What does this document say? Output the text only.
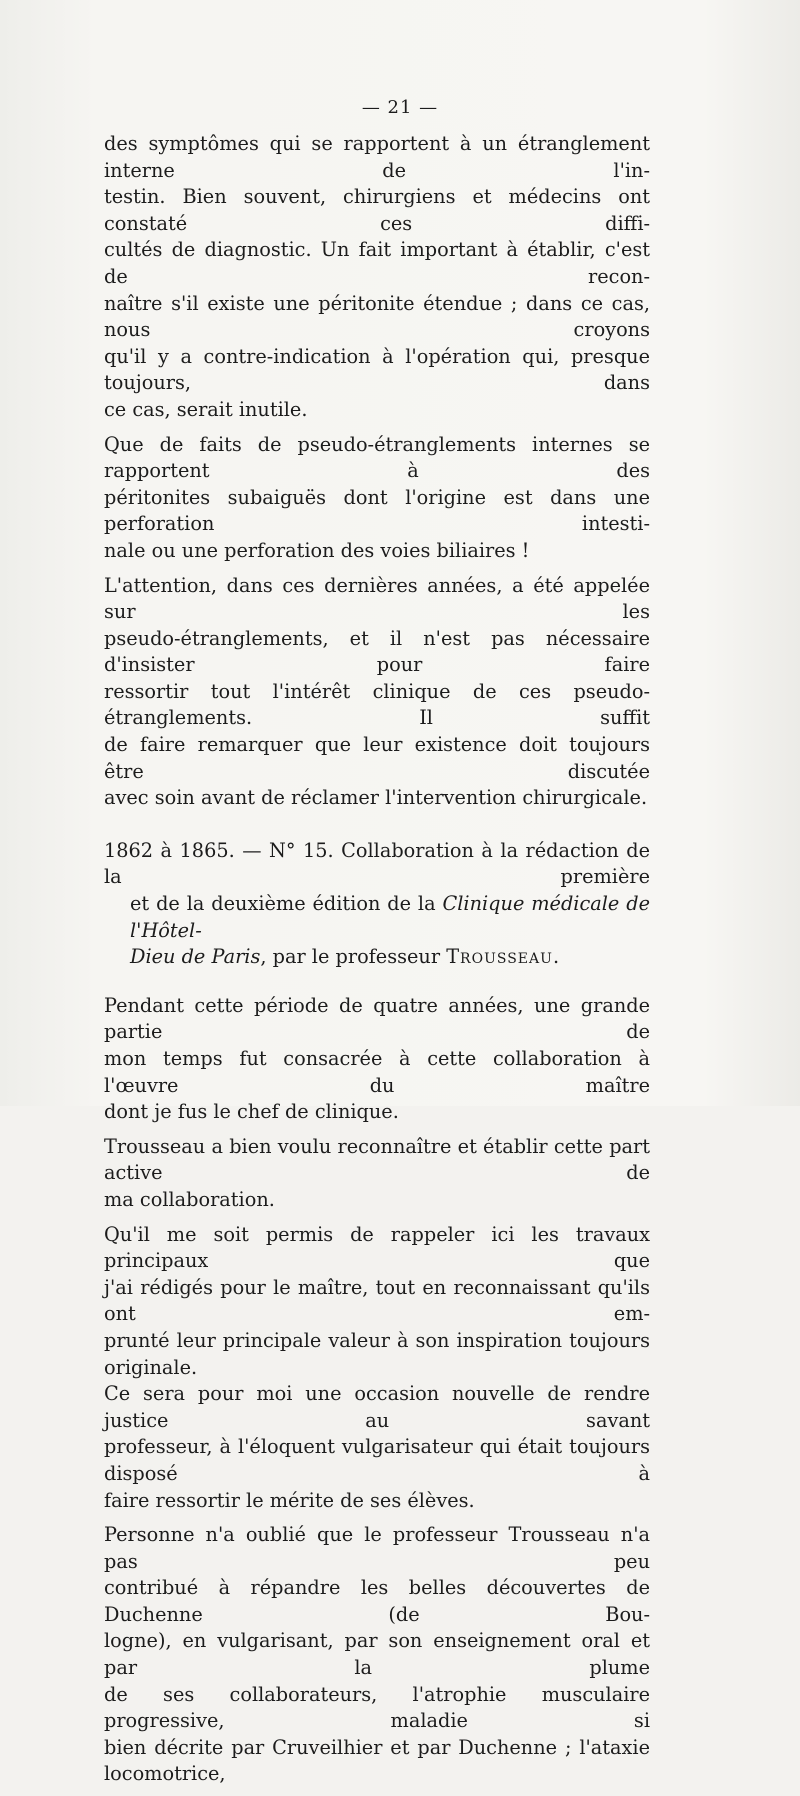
— 21 —

des symptômes qui se rapportent à un étranglement interne de l'in-
testin. Bien souvent, chirurgiens et médecins ont constaté ces diffi-
cultés de diagnostic. Un fait important à établir, c'est de recon-
naître s'il existe une péritonite étendue ; dans ce cas, nous croyons
qu'il y a contre-indication à l'opération qui, presque toujours, dans
ce cas, serait inutile.

Que de faits de pseudo-étranglements internes se rapportent à des
péritonites subaiguës dont l'origine est dans une perforation intesti-
nale ou une perforation des voies biliaires !

L'attention, dans ces dernières années, a été appelée sur les
pseudo-étranglements, et il n'est pas nécessaire d'insister pour faire
ressortir tout l'intérêt clinique de ces pseudo-étranglements. Il suffit
de faire remarquer que leur existence doit toujours être discutée
avec soin avant de réclamer l'intervention chirurgicale.

1862 à 1865. — N° 15. Collaboration à la rédaction de la première
et de la deuxième édition de la Clinique médicale de l'Hôtel-
Dieu de Paris, par le professeur Trousseau.

Pendant cette période de quatre années, une grande partie de
mon temps fut consacrée à cette collaboration à l'œuvre du maître
dont je fus le chef de clinique.

Trousseau a bien voulu reconnaître et établir cette part active de
ma collaboration.

Qu'il me soit permis de rappeler ici les travaux principaux que
j'ai rédigés pour le maître, tout en reconnaissant qu'ils ont em-
prunté leur principale valeur à son inspiration toujours originale.
Ce sera pour moi une occasion nouvelle de rendre justice au savant
professeur, à l'éloquent vulgarisateur qui était toujours disposé à
faire ressortir le mérite de ses élèves.

Personne n'a oublié que le professeur Trousseau n'a pas peu
contribué à répandre les belles découvertes de Duchenne (de Bou-
logne), en vulgarisant, par son enseignement oral et par la plume
de ses collaborateurs, l'atrophie musculaire progressive, maladie si
bien décrite par Cruveilhier et par Duchenne ; l'ataxie locomotrice,
